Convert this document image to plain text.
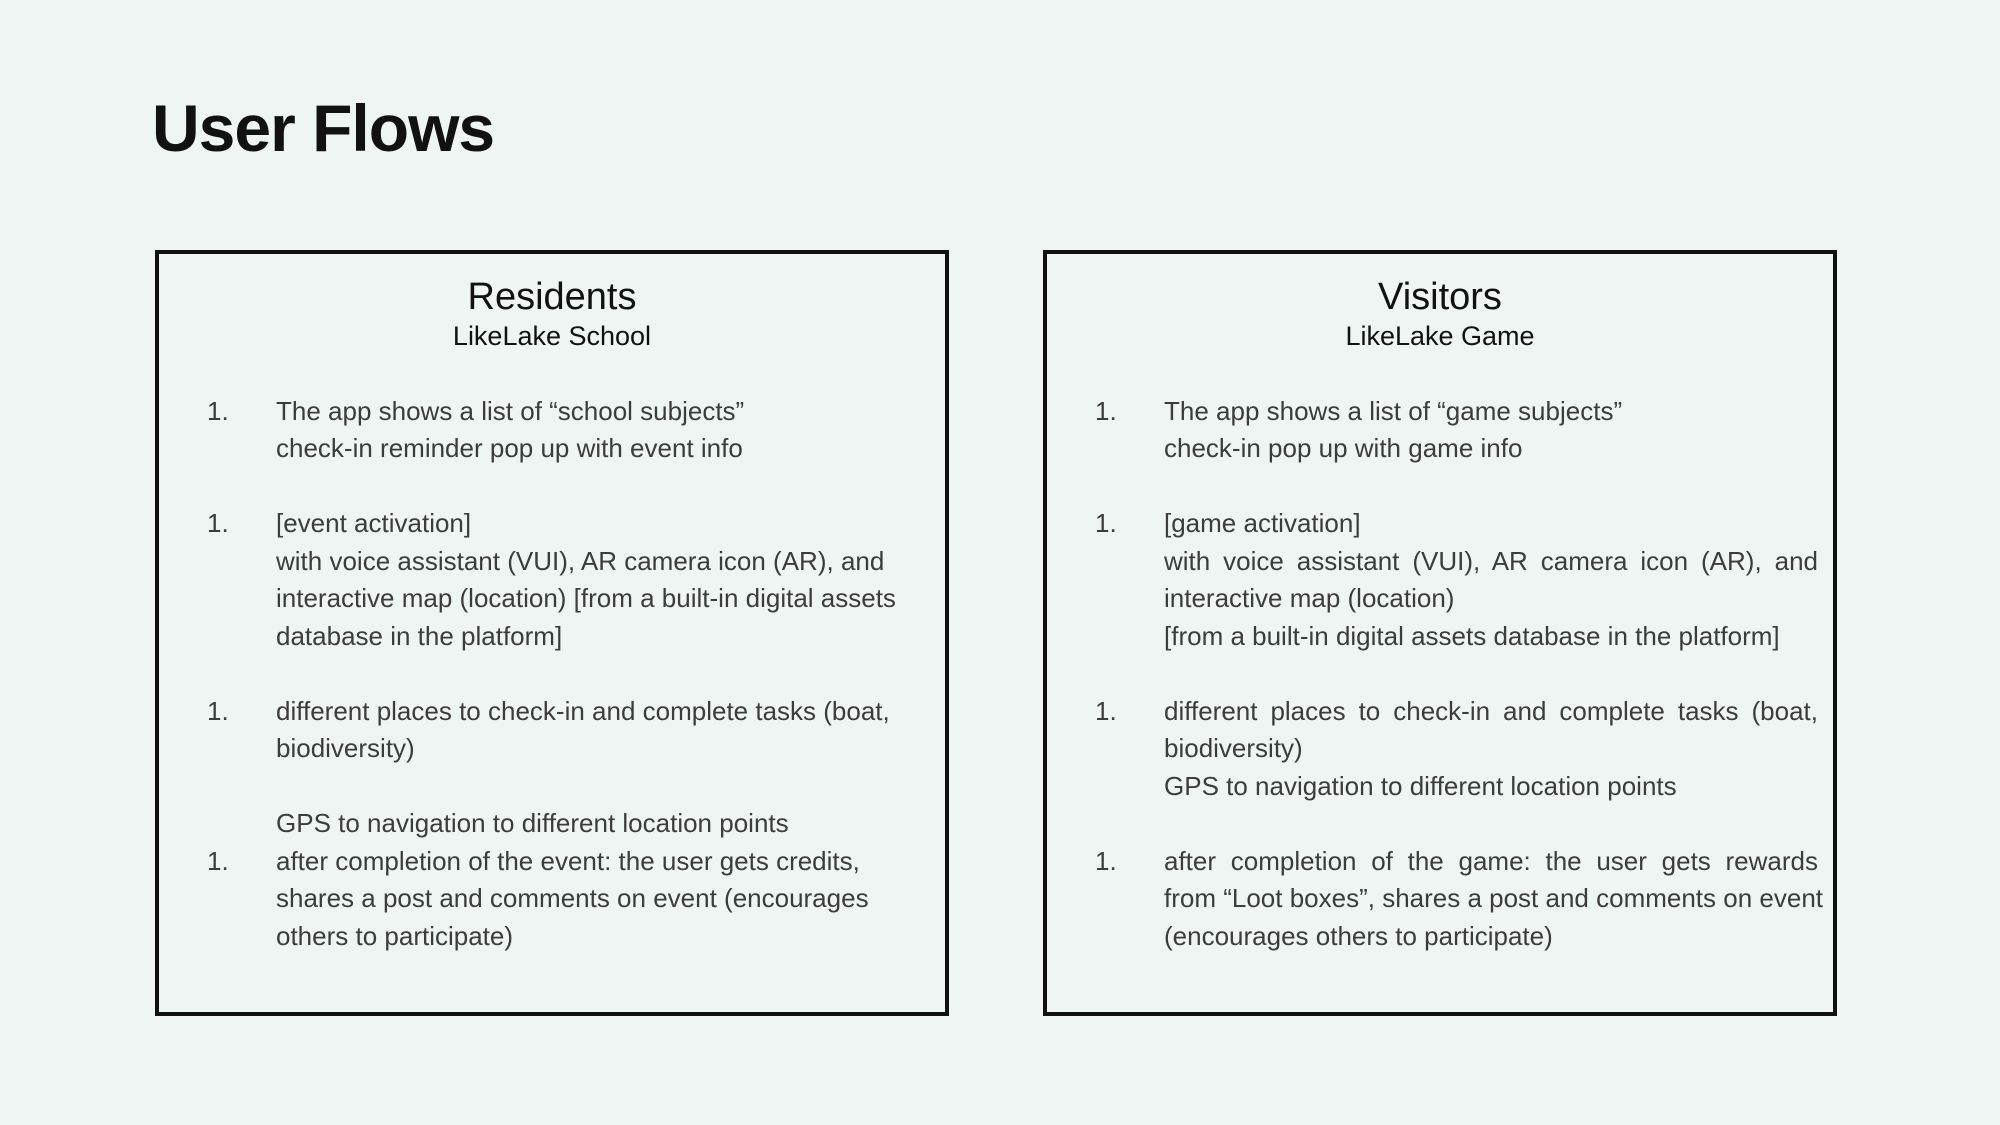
User Flows
Residents
LikeLake School
1. The app shows a list of “school subjects”
check-in reminder pop up with event info
1. [event activation]
with voice assistant (VUI), AR camera icon (AR), and
interactive map (location) [from a built-in digital assets
database in the platform]
1. different places to check-in and complete tasks (boat,
biodiversity)
GPS to navigation to different location points
1. after completion of the event: the user gets credits,
shares a post and comments on event (encourages
others to participate)
Visitors
LikeLake Game
1. The app shows a list of “game subjects”
check-in pop up with game info
1. [game activation]
with voice assistant (VUI), AR camera icon (AR), and
interactive map (location)
[from a built-in digital assets database in the platform]
1. different places to check-in and complete tasks (boat,
biodiversity)
GPS to navigation to different location points
1. after completion of the game: the user gets rewards
from “Loot boxes”, shares a post and comments on event
(encourages others to participate)
